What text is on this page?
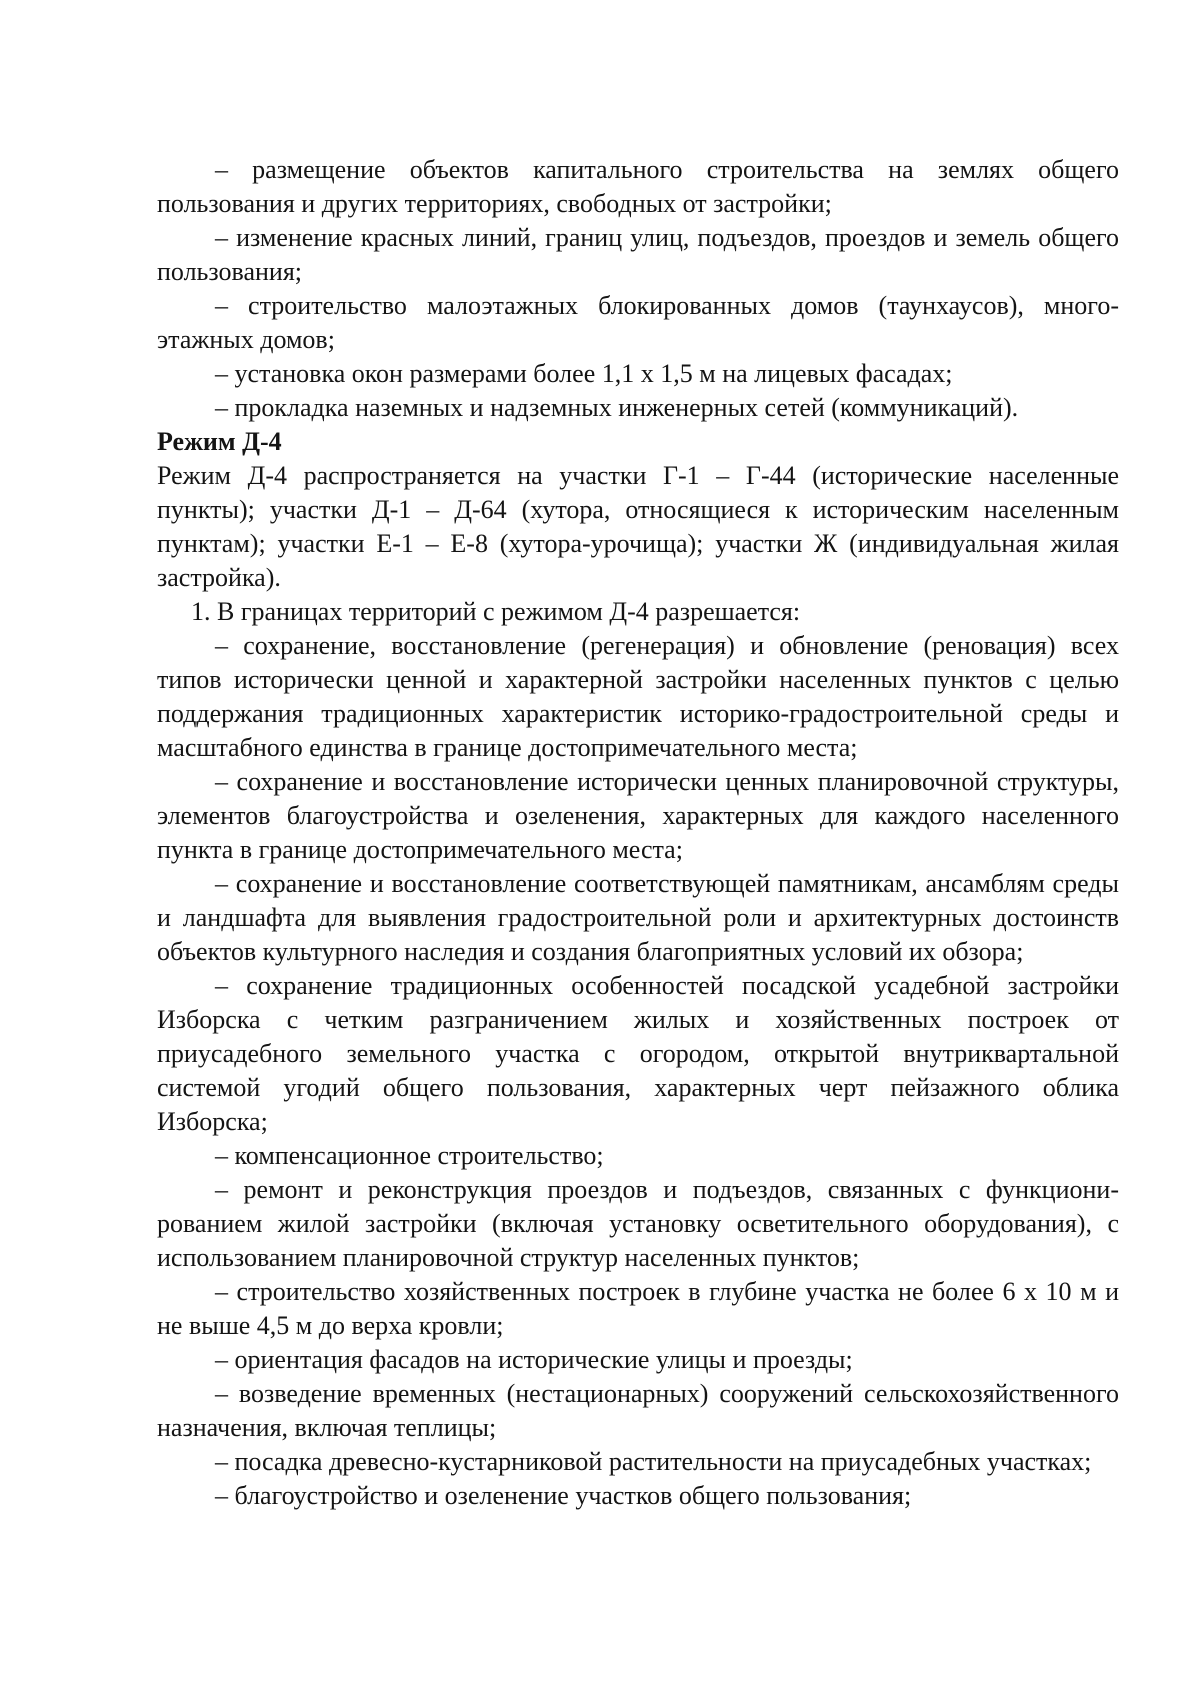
– размещение объектов капитального строительства на землях общего пользования и других территориях, свободных от застройки;

– изменение красных линий, границ улиц, подъездов, проездов и земель общего пользования;

– строительство малоэтажных блокированных домов (таунхаусов), многоэтажных домов;

– установка окон размерами более 1,1 х 1,5 м на лицевых фасадах;

– прокладка наземных и надземных инженерных сетей (коммуникаций).

Режим Д-4

Режим Д-4 распространяется на участки Г-1 – Г-44 (исторические населенные пункты); участки Д-1 – Д-64 (хутора, относящиеся к историческим населенным пунктам); участки Е-1 – Е-8 (хутора-урочища); участки Ж (индивидуальная жилая застройка).

1. В границах территорий с режимом Д-4 разрешается:

– сохранение, восстановление (регенерация) и обновление (реновация) всех типов исторически ценной и характерной застройки населенных пунктов с целью поддержания традиционных характеристик историко-градостроительной среды и масштабного единства в границе достопримечательного места;

– сохранение и восстановление исторически ценных планировочной структуры, элементов благоустройства и озеленения, характерных для каждого населенного пункта в границе достопримечательного места;

– сохранение и восстановление соответствующей памятникам, ансамблям среды и ландшафта для выявления градостроительной роли и архитектурных достоинств объектов культурного наследия и создания благоприятных условий их обзора;

– сохранение традиционных особенностей посадской усадебной застройки Изборска с четким разграничением жилых и хозяйственных построек от приусадебного земельного участка с огородом, открытой внутриквартальной системой угодий общего пользования, характерных черт пейзажного облика Изборска;

– компенсационное строительство;

– ремонт и реконструкция проездов и подъездов, связанных с функционированием жилой застройки (включая установку осветительного оборудования), с использованием планировочной структур населенных пунктов;

– строительство хозяйственных построек в глубине участка не более 6 х 10 м и не выше 4,5 м до верха кровли;

– ориентация фасадов на исторические улицы и проезды;

– возведение временных (нестационарных) сооружений сельскохозяйственного назначения, включая теплицы;

– посадка древесно-кустарниковой растительности на приусадебных участках;

– благоустройство и озеленение участков общего пользования;
